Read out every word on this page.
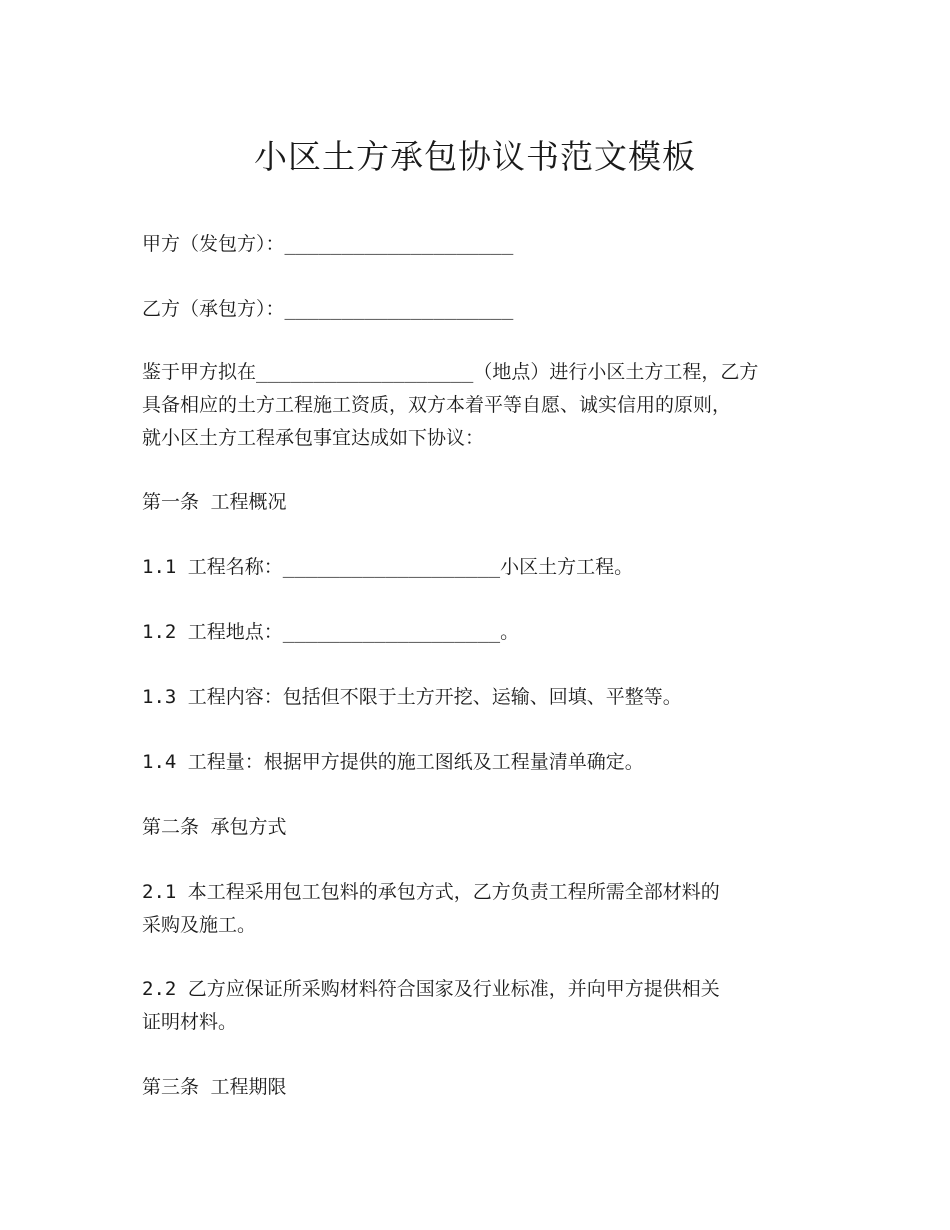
小区土方承包协议书范文模板

甲方（发包方）：____________________

乙方（承包方）：____________________

鉴于甲方拟在___________________（地点）进行小区土方工程，乙方

具备相应的土方工程施工资质，双方本着平等自愿、诚实信用的原则，

就小区土方工程承包事宜达成如下协议：

第一条 工程概况

1.1 工程名称：___________________小区土方工程。

1.2 工程地点：___________________。

1.3 工程内容：包括但不限于土方开挖、运输、回填、平整等。

1.4 工程量：根据甲方提供的施工图纸及工程量清单确定。

第二条 承包方式

2.1 本工程采用包工包料的承包方式，乙方负责工程所需全部材料的

采购及施工。

2.2 乙方应保证所采购材料符合国家及行业标准，并向甲方提供相关

证明材料。

第三条 工程期限
